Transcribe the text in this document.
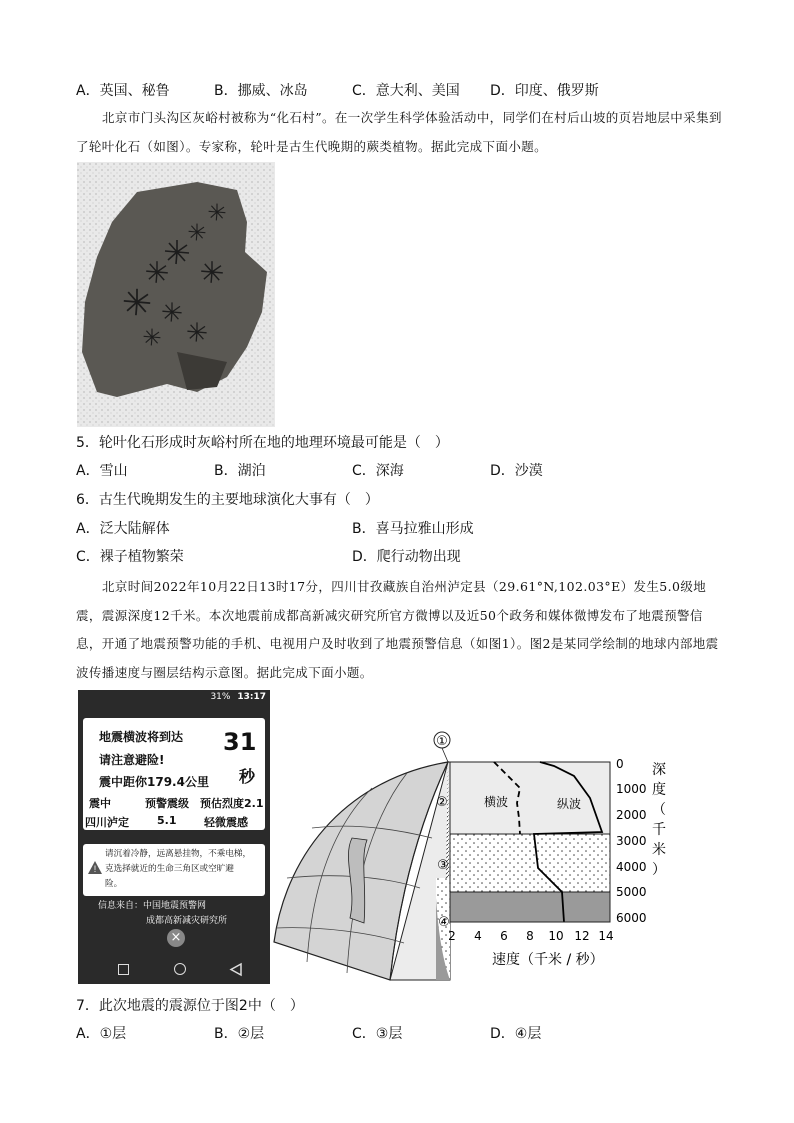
A．英国、秘鲁	B．挪威、冰岛	C．意大利、美国 D．印度、俄罗斯
北京市门头沟区灰峪村被称为“化石村”。在一次学生科学体验活动中，同学们在村后山坡的页岩地层中采集到了轮叶化石（如图）。专家称，轮叶是古生代晚期的蕨类植物。据此完成下面小题。
5．轮叶化石形成时灰峪村所在地的地理环境最可能是（　）
A．雪山	B．湖泊	C．深海	D．沙漠
6．古生代晚期发生的主要地球演化大事有（　）
A．泛大陆解体	B．喜马拉雅山形成
C．裸子植物繁荣	D．爬行动物出现
北京时间2022年10月22日13时17分，四川甘孜藏族自治州泸定县（29.61°N,102.03°E）发生5.0级地震，震源深度12千米。本次地震前成都高新减灾研究所官方微博以及近50个政务和媒体微博发布了地震预警信息，开通了地震预警功能的手机、电视用户及时收到了地震预警信息（如图1）。图2是某同学绘制的地球内部地震波传播速度与圈层结构示意图。据此完成下面小题。
31% 13:17
地震横波将到达
请注意避险!
震中距你179.4公里
31
秒
震中	预警震级 预估烈度2.1
四川泸定	5.1	轻微震感
!
请沉着冷静，远离悬挂物，不乘电梯，
克选择就近的生命三角区或空旷避
险。
信息来自：中国地震预警网
成都高新减灾研究所
×
①
②
③
④
横波	纵波
0
1000
2000
3000
4000
5000
6000
深
度
（
千
米
）
2 4 6 8 10 12 14
速度（千米 / 秒）
7．此次地震的震源位于图2中（　）
A．①层	B．②层	C．③层	D．④层
